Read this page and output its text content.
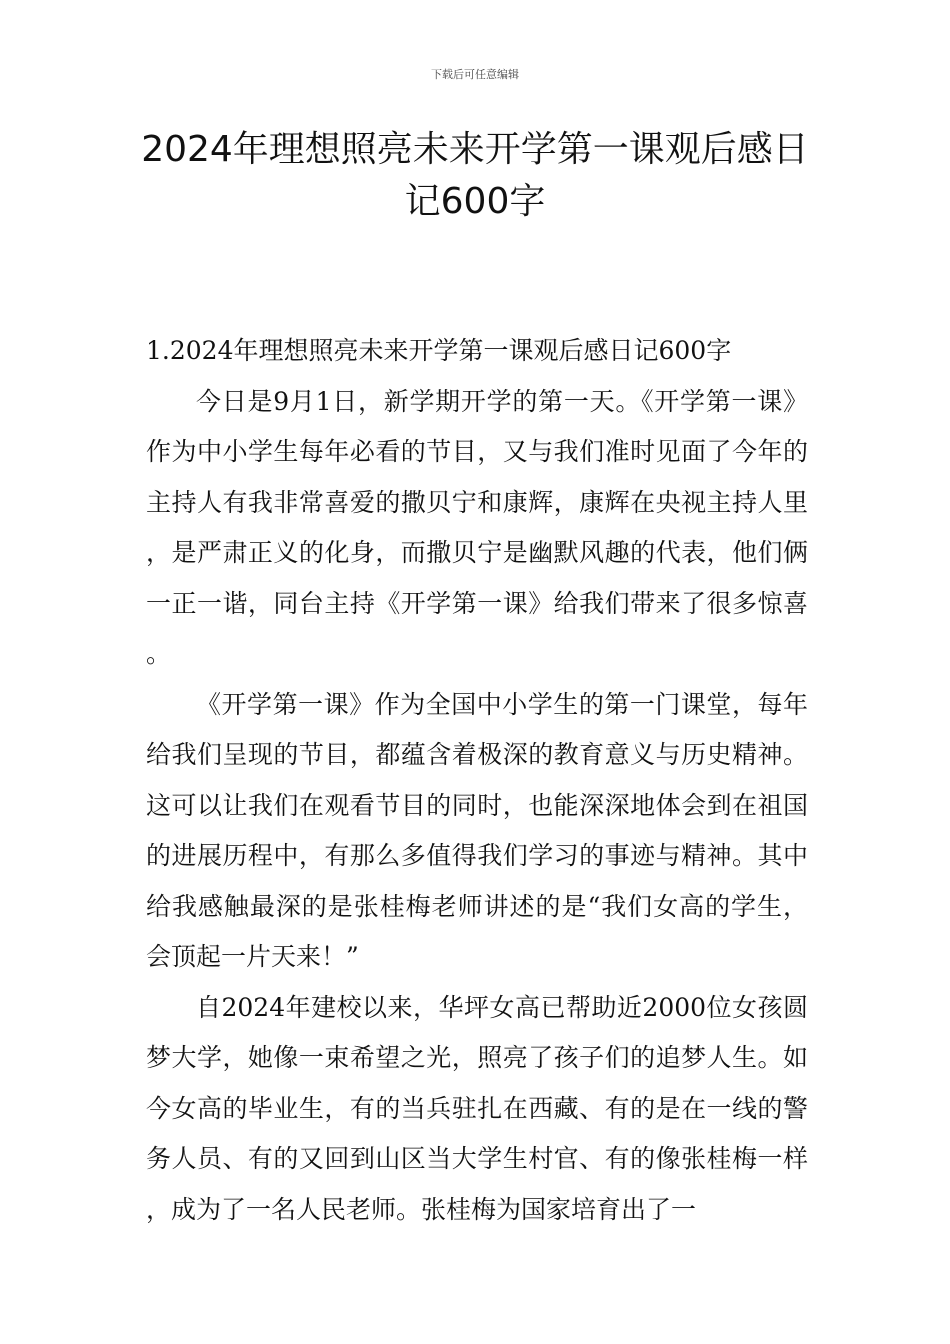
下载后可任意编辑
2024年理想照亮未来开学第一课观后感日记600字

1.2024年理想照亮未来开学第一课观后感日记600字

今日是9月1日，新学期开学的第一天。《开学第一课》作为中小学生每年必看的节目，又与我们准时见面了今年的主持人有我非常喜爱的撒贝宁和康辉，康辉在央视主持人里，是严肃正义的化身，而撒贝宁是幽默风趣的代表，他们俩一正一谐，同台主持《开学第一课》给我们带来了很多惊喜。

《开学第一课》作为全国中小学生的第一门课堂，每年给我们呈现的节目，都蕴含着极深的教育意义与历史精神。这可以让我们在观看节目的同时，也能深深地体会到在祖国的进展历程中，有那么多值得我们学习的事迹与精神。其中给我感触最深的是张桂梅老师讲述的是“我们女高的学生，会顶起一片天来！”

自2024年建校以来，华坪女高已帮助近2000位女孩圆梦大学，她像一束希望之光，照亮了孩子们的追梦人生。如今女高的毕业生，有的当兵驻扎在西藏、有的是在一线的警务人员、有的又回到山区当大学生村官、有的像张桂梅一样，成为了一名人民老师。张桂梅为国家培育出了一
